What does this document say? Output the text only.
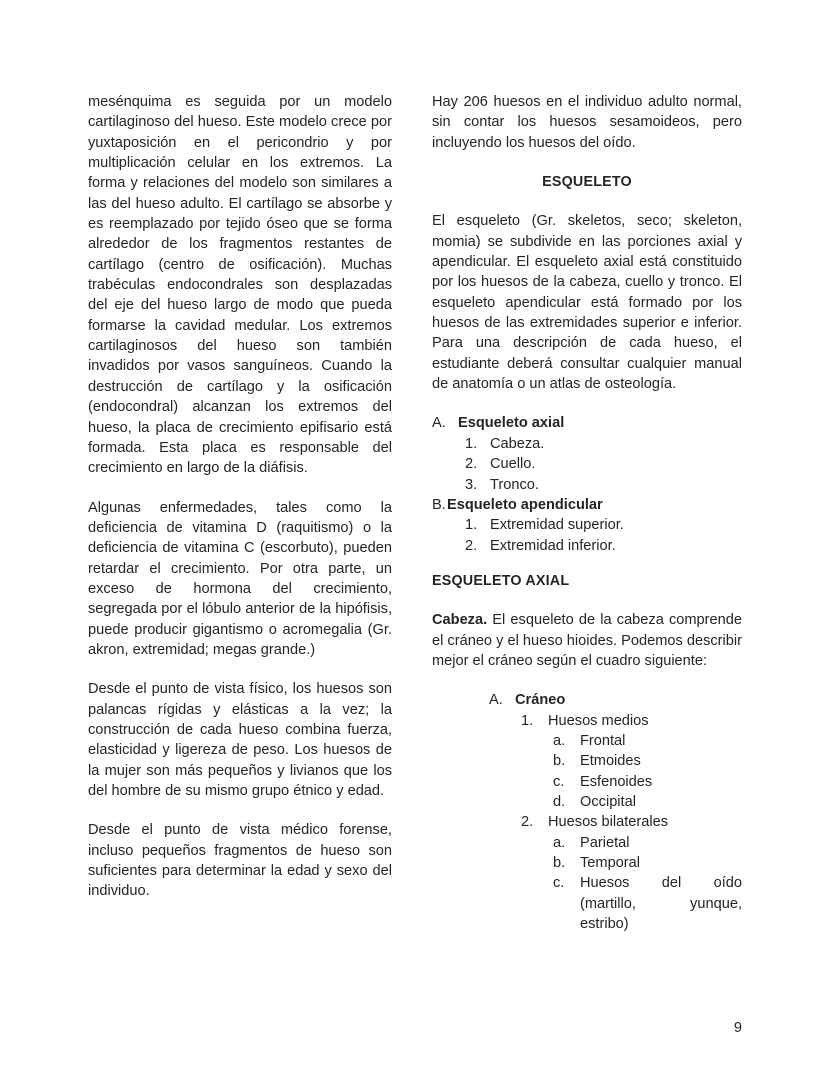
mesénquima es seguida por un modelo cartilaginoso del hueso. Este modelo crece por yuxtaposición en el pericondrio y por multiplicación celular en los extremos. La forma y relaciones del modelo son similares a las del hueso adulto. El cartílago se absorbe y es reemplazado por tejido óseo que se forma alrededor de los fragmentos restantes de cartílago (centro de osificación). Muchas trabéculas endocondrales son desplazadas del eje del hueso largo de modo que pueda formarse la cavidad medular. Los extremos cartilaginosos del hueso son también invadidos por vasos sanguíneos. Cuando la destrucción de cartílago y la osificación (endocondral) alcanzan los extremos del hueso, la placa de crecimiento epifisario está formada. Esta placa es responsable del crecimiento en largo de la diáfisis.

Algunas enfermedades, tales como la deficiencia de vitamina D (raquitismo) o la deficiencia de vitamina C (escorbuto), pueden retardar el crecimiento. Por otra parte, un exceso de hormona del crecimiento, segregada por el lóbulo anterior de la hipófisis, puede producir gigantismo o acromegalia (Gr. akron, extremidad; megas grande.)

Desde el punto de vista físico, los huesos son palancas rígidas y elásticas a la vez; la construcción de cada hueso combina fuerza, elasticidad y ligereza de peso. Los huesos de la mujer son más pequeños y livianos que los del hombre de su mismo grupo étnico y edad.

Desde el punto de vista médico forense, incluso pequeños fragmentos de hueso son suficientes para determinar la edad y sexo del individuo.

Hay 206 huesos en el individuo adulto normal, sin contar los huesos sesamoideos, pero incluyendo los huesos del oído.

ESQUELETO

El esqueleto (Gr. skeletos, seco; skeleton, momia) se subdivide en las porciones axial y apendicular. El esqueleto axial está constituido por los huesos de la cabeza, cuello y tronco. El esqueleto apendicular está formado por los huesos de las extremidades superior e inferior. Para una descripción de cada hueso, el estudiante deberá consultar cualquier manual de anatomía o un atlas de osteología.

A. Esqueleto axial
1. Cabeza.
2. Cuello.
3. Tronco.
B. Esqueleto apendicular
1. Extremidad superior.
2. Extremidad inferior.
ESQUELETO AXIAL

Cabeza. El esqueleto de la cabeza comprende el cráneo y el hueso hioides. Podemos describir mejor el cráneo según el cuadro siguiente:

A. Cráneo
1.	Huesos medios
a.	Frontal
b.	Etmoides
c.	Esfenoides
d.	Occipital
2.	Huesos bilaterales
a.	Parietal
b.	Temporal
c.	Huesos del oído (martillo, yunque, estribo)
9
